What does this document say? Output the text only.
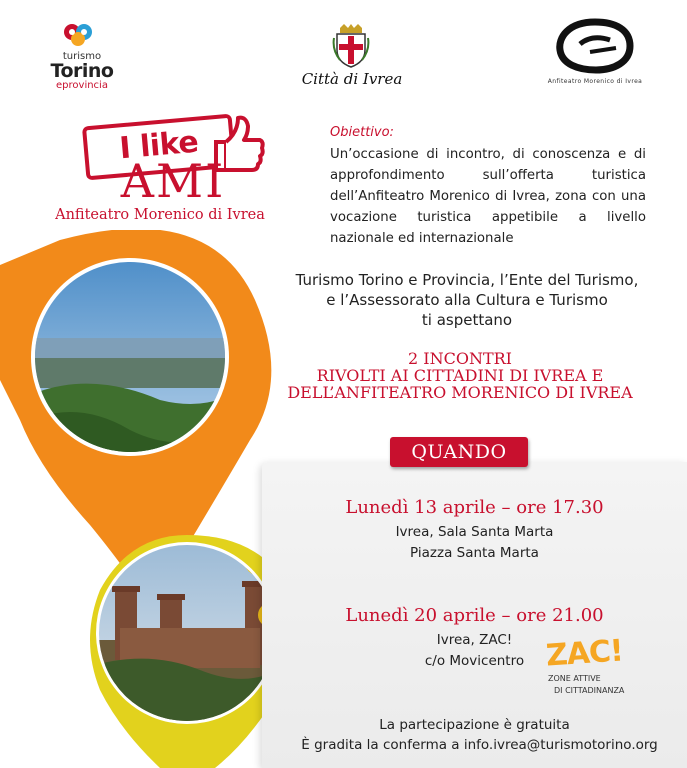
turismo
Torino
eprovincia	Città di Ivrea	Anfiteatro Morenico di Ivrea
I like
AMI
Anfiteatro Morenico di Ivrea
Obiettivo:
Un’occasione di incontro, di conoscenza e di approfondimento sull’offerta turistica dell’Anfiteatro Morenico di Ivrea, zona con una vocazione turistica appetibile a livello nazionale ed internazionale
Turismo Torino e Provincia, l’Ente del Turismo,
e l’Assessorato alla Cultura e Turismo
ti aspettano
2 INCONTRI
RIVOLTI AI CITTADINI DI IVREA E
DELL’ANFITEATRO MORENICO DI IVREA
QUANDO
Lunedì 13 aprile – ore 17.30
Ivrea, Sala Santa Marta
Piazza Santa Marta
Lunedì 20 aprile – ore 21.00
Ivrea, ZAC!
c/o Movicentro ZAC!
ZONE ATTIVE
DI CITTADINANZA
La partecipazione è gratuita
È gradita la conferma a info.ivrea@turismotorino.org
